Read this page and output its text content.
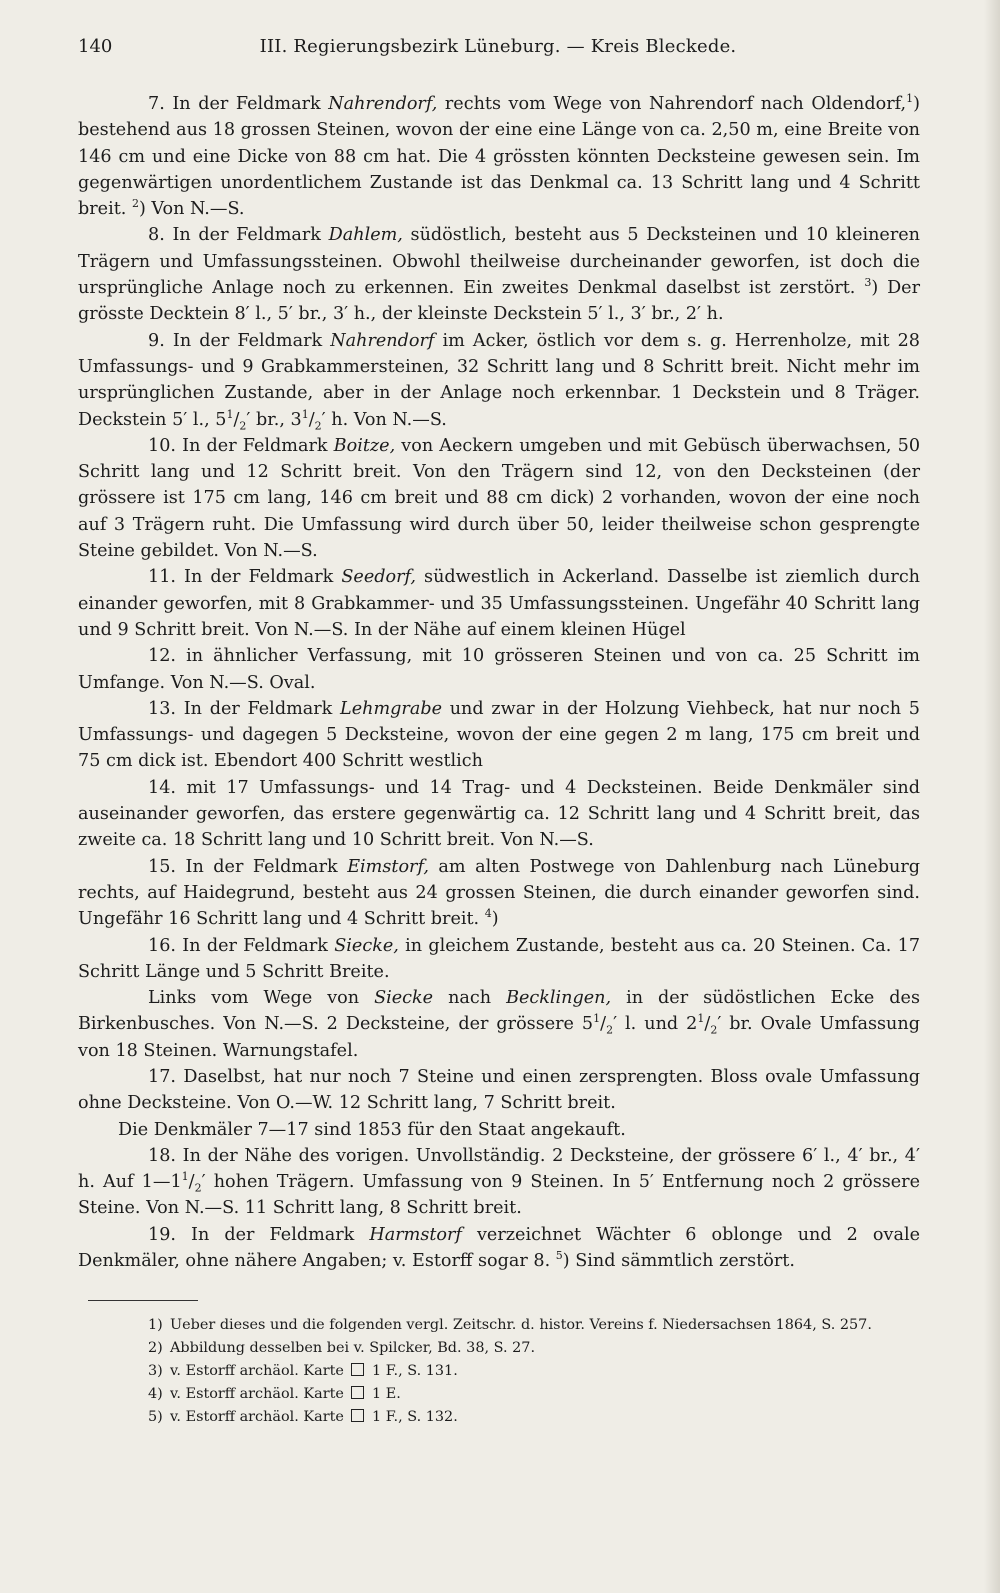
140	III. Regierungsbezirk Lüneburg. — Kreis Bleckede.

7. In der Feldmark Nahrendorf, rechts vom Wege von Nahrendorf nach Oldendorf,$^1$) bestehend aus 18 grossen Steinen, wovon der eine eine Länge von ca. 2,50 m, eine Breite von 146 cm und eine Dicke von 88 cm hat. Die 4 grössten könnten Decksteine gewesen sein. Im gegenwärtigen unordentlichem Zustande ist das Denkmal ca. 13 Schritt lang und 4 Schritt breit. $^2$) Von N.—S.

8. In der Feldmark Dahlem, südöstlich, besteht aus 5 Decksteinen und 10 kleineren Trägern und Umfassungssteinen. Obwohl theilweise durcheinander geworfen, ist doch die ursprüngliche Anlage noch zu erkennen. Ein zweites Denkmal daselbst ist zerstört. $^3$) Der grösste Decktein 8′ l., 5′ br., 3′ h., der kleinste Deckstein 5′ l., 3′ br., 2′ h.

9. In der Feldmark Nahrendorf im Acker, östlich vor dem s. g. Herrenholze, mit 28 Umfassungs- und 9 Grabkammersteinen, 32 Schritt lang und 8 Schritt breit. Nicht mehr im ursprünglichen Zustande, aber in der Anlage noch erkennbar. 1 Deckstein und 8 Träger. Deckstein 5′ l., $5^1/_2'$ br., $3^1/_2'$ h. Von N.—S.

10. In der Feldmark Boitze, von Aeckern umgeben und mit Gebüsch überwachsen, 50 Schritt lang und 12 Schritt breit. Von den Trägern sind 12, von den Decksteinen (der grössere ist 175 cm lang, 146 cm breit und 88 cm dick) 2 vorhanden, wovon der eine noch auf 3 Trägern ruht. Die Umfassung wird durch über 50, leider theilweise schon gesprengte Steine gebildet. Von N.—S.

11. In der Feldmark Seedorf, südwestlich in Ackerland. Dasselbe ist ziemlich durch einander geworfen, mit 8 Grabkammer- und 35 Umfassungssteinen. Ungefähr 40 Schritt lang und 9 Schritt breit. Von N.—S. In der Nähe auf einem kleinen Hügel

12. in ähnlicher Verfassung, mit 10 grösseren Steinen und von ca. 25 Schritt im Umfange. Von N.—S. Oval.

13. In der Feldmark Lehmgrabe und zwar in der Holzung Viehbeck, hat nur noch 5 Umfassungs- und dagegen 5 Decksteine, wovon der eine gegen 2 m lang, 175 cm breit und 75 cm dick ist. Ebendort 400 Schritt westlich

14. mit 17 Umfassungs- und 14 Trag- und 4 Decksteinen. Beide Denkmäler sind auseinander geworfen, das erstere gegenwärtig ca. 12 Schritt lang und 4 Schritt breit, das zweite ca. 18 Schritt lang und 10 Schritt breit. Von N.—S.

15. In der Feldmark Eimstorf, am alten Postwege von Dahlenburg nach Lüneburg rechts, auf Haidegrund, besteht aus 24 grossen Steinen, die durch einander geworfen sind. Ungefähr 16 Schritt lang und 4 Schritt breit. $^4$)

16. In der Feldmark Siecke, in gleichem Zustande, besteht aus ca. 20 Steinen. Ca. 17 Schritt Länge und 5 Schritt Breite.

Links vom Wege von Siecke nach Becklingen, in der südöstlichen Ecke des Birkenbusches. Von N.—S. 2 Decksteine, der grössere $5^1/_2'$ l. und $2^1/_2'$ br. Ovale Umfassung von 18 Steinen. Warnungstafel.

17. Daselbst, hat nur noch 7 Steine und einen zersprengten. Bloss ovale Umfassung ohne Decksteine. Von O.—W. 12 Schritt lang, 7 Schritt breit.

Die Denkmäler 7—17 sind 1853 für den Staat angekauft.

18. In der Nähe des vorigen. Unvollständig. 2 Decksteine, der grössere 6′ l., 4′ br., 4′ h. Auf $1—1^1/_2'$ hohen Trägern. Umfassung von 9 Steinen. In 5′ Entfernung noch 2 grössere Steine. Von N.—S. 11 Schritt lang, 8 Schritt breit.

19. In der Feldmark Harmstorf verzeichnet Wächter 6 oblonge und 2 ovale Denkmäler, ohne nähere Angaben; v. Estorff sogar 8. $^5$) Sind sämmtlich zerstört.

1) Ueber dieses und die folgenden vergl. Zeitschr. d. histor. Vereins f. Niedersachsen 1864, S. 257.
2) Abbildung desselben bei v. Spilcker, Bd. 38, S. 27.
3) v. Estorff archäol. Karte 1 F., S. 131.
4) v. Estorff archäol. Karte 1 E.
5) v. Estorff archäol. Karte 1 F., S. 132.
